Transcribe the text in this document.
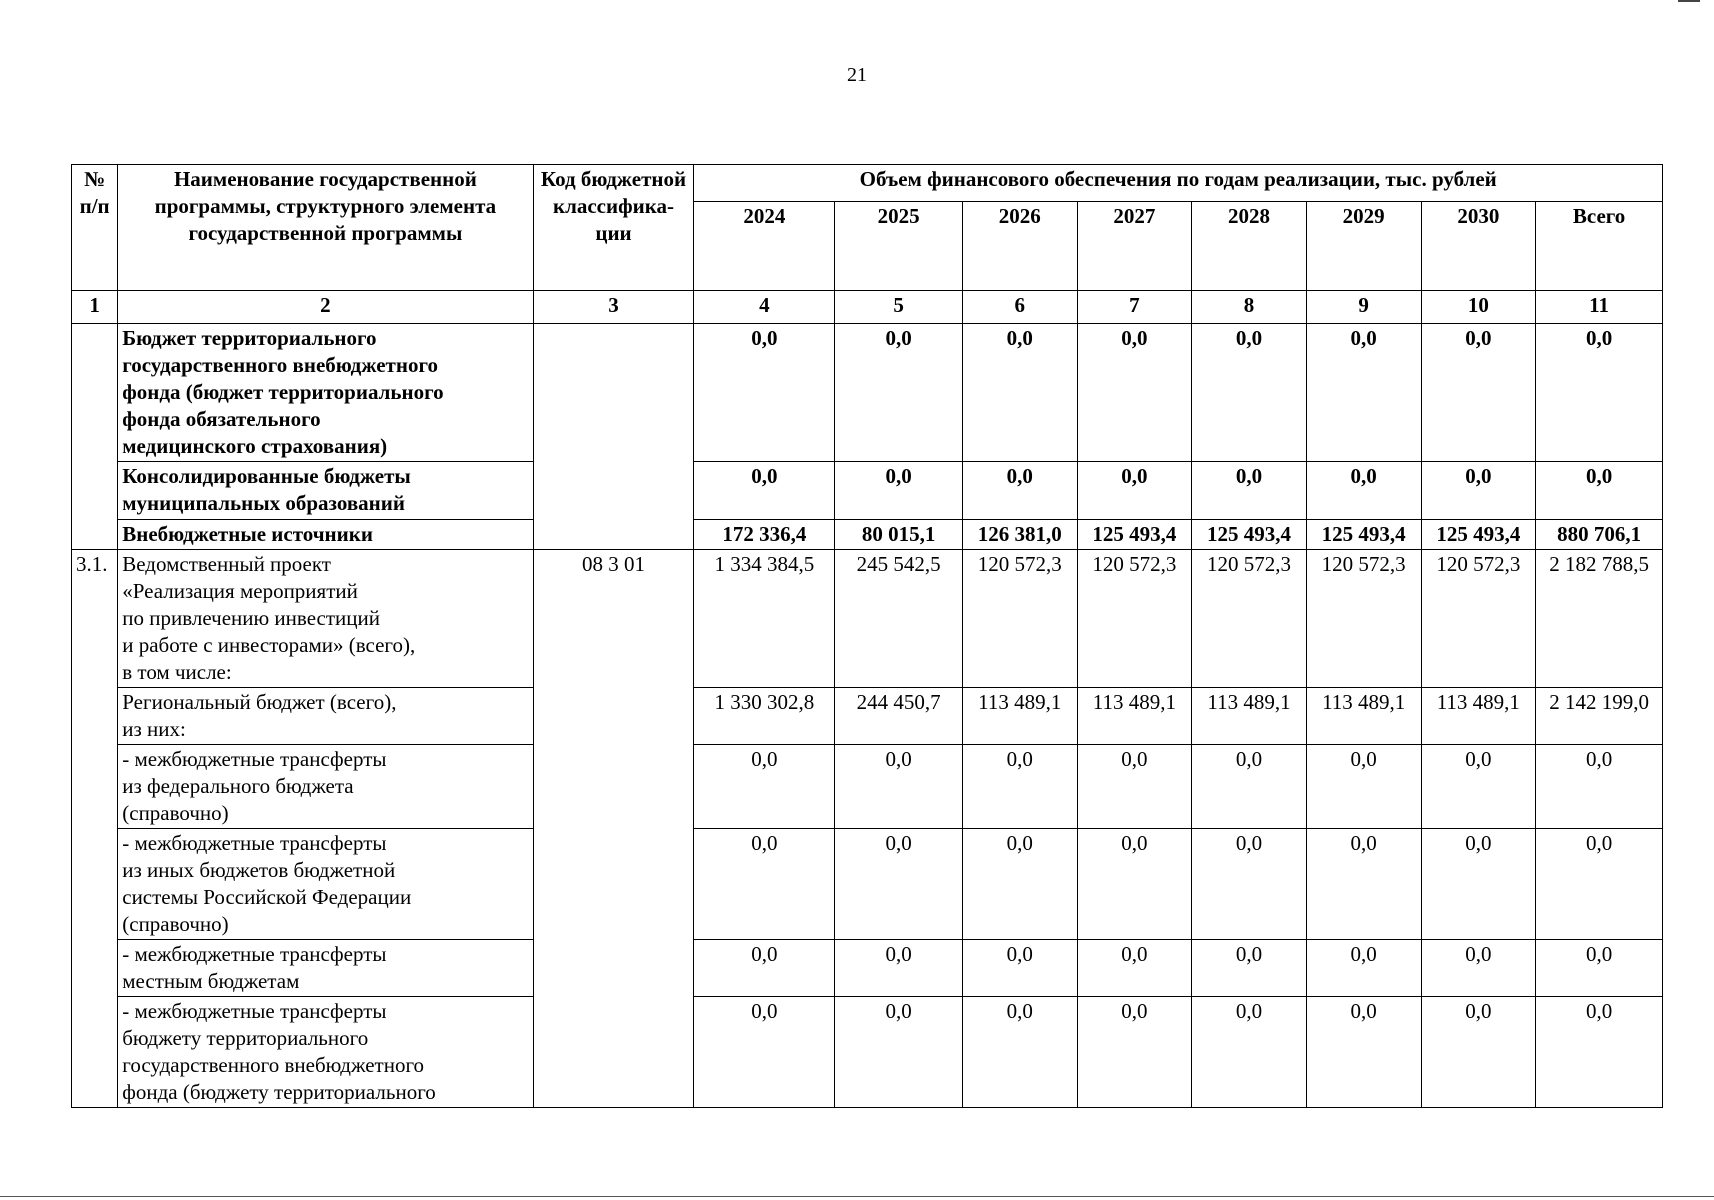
21
№
п/п	Наименование государственной программы, структурного элемента государственной программы	Код бюджетной классифика-ции	Объем финансового обеспечения по годам реализации, тыс. рублей							
			2024	2025	2026	2027	2028	2029	2030	Всего
1	2	3	4	5	6	7	8	9	10	11
	Бюджет территориального
государственного внебюджетного
фонда (бюджет территориального
фонда обязательного
медицинского страхования)		0,0	0,0	0,0	0,0	0,0	0,0	0,0	0,0
	Консолидированные бюджеты
муниципальных образований		0,0	0,0	0,0	0,0	0,0	0,0	0,0	0,0
	Внебюджетные источники		172 336,4	80 015,1	126 381,0	125 493,4	125 493,4	125 493,4	125 493,4	880 706,1
3.1.	Ведомственный проект
«Реализация мероприятий
по привлечению инвестиций
и работе с инвесторами» (всего),
в том числе:	08 3 01	1 334 384,5	245 542,5	120 572,3	120 572,3	120 572,3	120 572,3	120 572,3	2 182 788,5
	Региональный бюджет (всего),
из них:		1 330 302,8	244 450,7	113 489,1	113 489,1	113 489,1	113 489,1	113 489,1	2 142 199,0
	- межбюджетные трансферты
из федерального бюджета
(справочно)		0,0	0,0	0,0	0,0	0,0	0,0	0,0	0,0
	- межбюджетные трансферты
из иных бюджетов бюджетной
системы Российской Федерации
(справочно)		0,0	0,0	0,0	0,0	0,0	0,0	0,0	0,0
	- межбюджетные трансферты
местным бюджетам		0,0	0,0	0,0	0,0	0,0	0,0	0,0	0,0
	- межбюджетные трансферты
бюджету территориального
государственного внебюджетного
фонда (бюджету территориального		0,0	0,0	0,0	0,0	0,0	0,0	0,0	0,0
